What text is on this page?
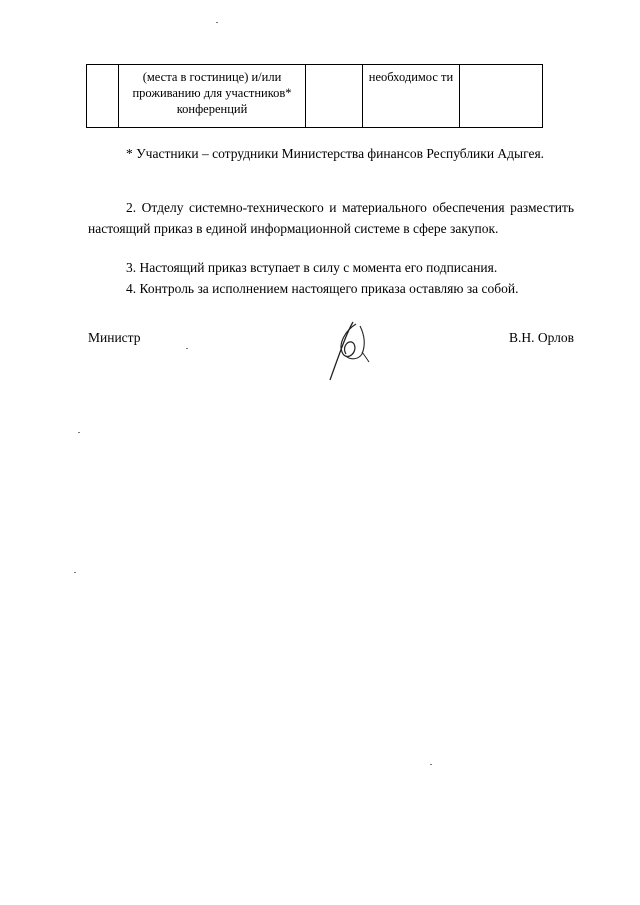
	(места в гостинице) и/или проживанию для участников* конференций		необходимос ти	

* Участники – сотрудники Министерства финансов Республики Адыгея.

2. Отделу системно-технического и материального обеспечения разместить настоящий приказ в единой информационной системе в сфере закупок.

3. Настоящий приказ вступает в силу с момента его подписания.

4. Контроль за исполнением настоящего приказа оставляю за собой.

Министр	В.Н. Орлов
